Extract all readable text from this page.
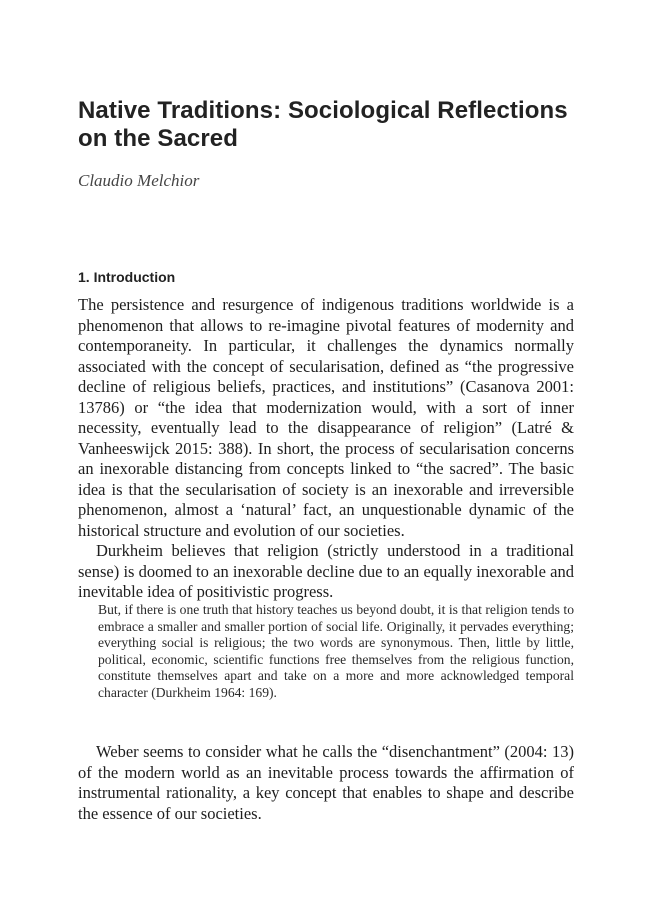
Native Traditions: Sociological Reflections
on the Sacred

Claudio Melchior

1. Introduction

The persistence and resurgence of indigenous traditions worldwide is a phenomenon that allows to re-imagine pivotal features of modernity and contemporaneity. In particular, it challenges the dynamics normally associated with the concept of secularisation, defined as “the progressive decline of religious beliefs, practices, and institutions” (Casanova 2001: 13786) or “the idea that modernization would, with a sort of inner necessity, eventually lead to the disappearance of religion” (Latré & Vanheeswijck 2015: 388). In short, the process of secularisation concerns an inexorable distancing from concepts linked to “the sacred”. The basic idea is that the secularisation of society is an inexorable and irreversible phenomenon, almost a ‘natural’ fact, an unquestionable dynamic of the historical structure and evolution of our societies.

Durkheim believes that religion (strictly understood in a traditional sense) is doomed to an inexorable decline due to an equally inexorable and inevitable idea of positivistic progress.

But, if there is one truth that history teaches us beyond doubt, it is that religion tends to embrace a smaller and smaller portion of social life. Originally, it pervades everything; everything social is religious; the two words are synonymous. Then, little by little, political, economic, scientific functions free themselves from the religious function, constitute themselves apart and take on a more and more acknowledged temporal character (Durkheim 1964: 169).

Weber seems to consider what he calls the “disenchantment” (2004: 13) of the modern world as an inevitable process towards the affirmation of instrumental rationality, a key concept that enables to shape and describe the essence of our societies.
